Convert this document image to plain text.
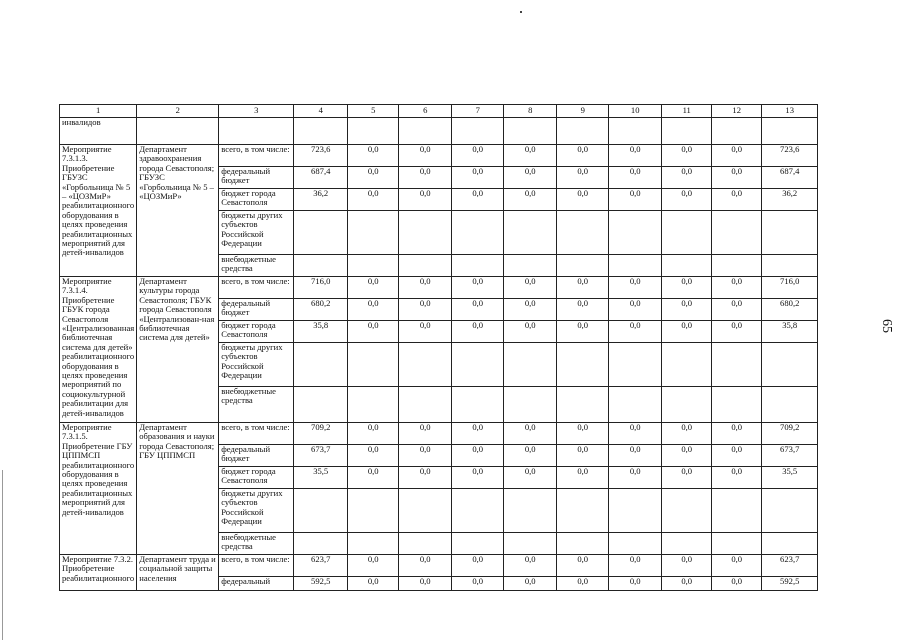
65
1	2	3	4	5	6	7	8	9	10	11	12	13
инвалидов												
Мероприятие 7.3.1.3. Приобретение ГБУЗС «Горбольница № 5 – «ЦОЗМиР» реабилитационного оборудования в целях проведения реабилитационных мероприятий для детей-инвалидов	Департамент здравоохранения города Севастополя; ГБУЗС «Горбольница № 5 – «ЦОЗМиР»	всего, в том числе:	723,6	0,0	0,0	0,0	0,0	0,0	0,0	0,0	0,0	723,6
		федеральный бюджет	687,4	0,0	0,0	0,0	0,0	0,0	0,0	0,0	0,0	687,4
		бюджет города Севастополя	36,2	0,0	0,0	0,0	0,0	0,0	0,0	0,0	0,0	36,2
		бюджеты других субъектов Российской Федерации										
		внебюджетные средства										
Мероприятие 7.3.1.4. Приобретение ГБУК города Севастополя «Централизованная библиотечная система для детей» реабилитационного оборудования в целях проведения мероприятий по социокультурной реабилитации для детей-инвалидов	Департамент культуры города Севастополя; ГБУК города Севастополя «Централизован-ная библиотечная система для детей»	всего, в том числе:	716,0	0,0	0,0	0,0	0,0	0,0	0,0	0,0	0,0	716,0
		федеральный бюджет	680,2	0,0	0,0	0,0	0,0	0,0	0,0	0,0	0,0	680,2
		бюджет города Севастополя	35,8	0,0	0,0	0,0	0,0	0,0	0,0	0,0	0,0	35,8
		бюджеты других субъектов Российской Федерации										
		внебюджетные средства										
Мероприятие 7.3.1.5. Приобретение ГБУ ЦППМСП реабилитационного оборудования в целях проведения реабилитационных мероприятий для детей-нивалидов	Департамент образования и науки города Севастополя; ГБУ ЦППМСП	всего, в том числе:	709,2	0,0	0,0	0,0	0,0	0,0	0,0	0,0	0,0	709,2
		федеральный бюджет	673,7	0,0	0,0	0,0	0,0	0,0	0,0	0,0	0,0	673,7
		бюджет города Севастополя	35,5	0,0	0,0	0,0	0,0	0,0	0,0	0,0	0,0	35,5
		бюджеты других субъектов Российской Федерации										
		внебюджетные средства										
Мероприятие 7.3.2. Приобретение реабилитационного	Департамент труда и социальной защиты населения	всего, в том числе:	623,7	0,0	0,0	0,0	0,0	0,0	0,0	0,0	0,0	623,7
		федеральный	592,5	0,0	0,0	0,0	0,0	0,0	0,0	0,0	0,0	592,5
